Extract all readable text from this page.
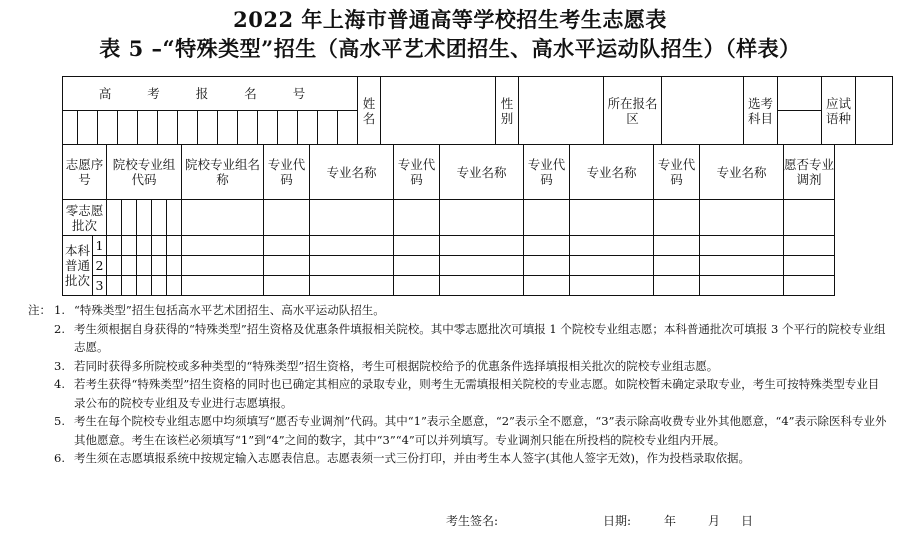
2022 年上海市普通高等学校招生考生志愿表
表 5 –“特殊类型”招生（高水平艺术团招生、高水平运动队招生）（样表）
高 考 报 名 号															姓名		性别		所在报名区		选考科目		应试语种	

志愿序号		院校专业组代码					院校专业组名称	专业代码	专业名称	专业代码	专业名称	专业代码	专业名称	专业代码	专业名称	愿否专业调剂
零志愿批次																
本科普通批次	1															
	2															
	3															
注： 1. “特殊类型”招生包括高水平艺术团招生、高水平运动队招生。
2. 考生须根据自身获得的“特殊类型”招生资格及优惠条件填报相关院校。其中零志愿批次可填报 1 个院校专业组志愿；本科普通批次可填报 3 个平行的院校专业组志愿。
3. 若同时获得多所院校或多种类型的“特殊类型”招生资格，考生可根据院校给予的优惠条件选择填报相关批次的院校专业组志愿。
4. 若考生获得“特殊类型”招生资格的同时也已确定其相应的录取专业，则考生无需填报相关院校的专业志愿。如院校暂未确定录取专业，考生可按特殊类型专业目录公布的院校专业组及专业进行志愿填报。
5. 考生在每个院校专业组志愿中均须填写“愿否专业调剂”代码。其中“1”表示全愿意，“2”表示全不愿意，“3”表示除高收费专业外其他愿意，“4”表示除医科专业外其他愿意。考生在该栏必须填写“1”到“4”之间的数字，其中“3”“4”可以并列填写。专业调剂只能在所投档的院校专业组内开展。
6. 考生须在志愿填报系统中按规定输入志愿表信息。志愿表须一式三份打印，并由考生本人签字(其他人签字无效)，作为投档录取依据。
考生签名:	日期:	年	月 日
